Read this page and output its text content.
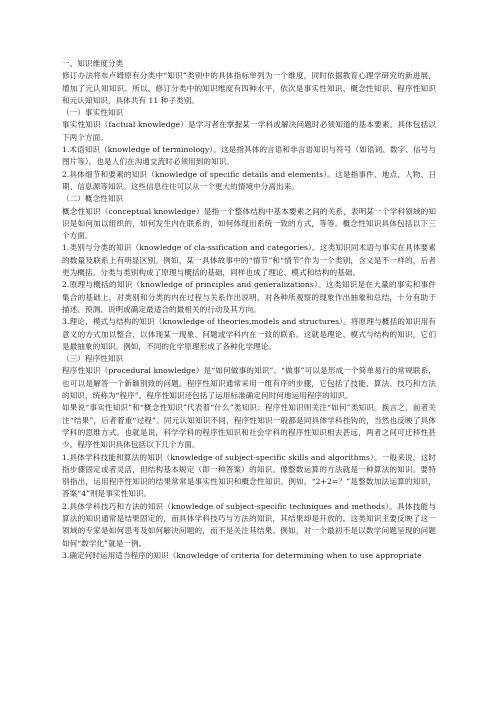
一、知识维度分类

修订办法将布卢姆原有分类中“知识”类别中的具体指标单列为一个维度，同时依据教育心理学研究的新进展，增加了元认知知识。所以，修订分类中的知识维度有四种水平，依次是事实性知识、概念性知识、程序性知识和元认知知识，具体共有 11 种子类别。

（一）事实性知识

事实性知识（factual knowledge）是学习者在掌握某一学科或解决问题时必须知道的基本要素。具体包括以下两个方面。

1.术语知识（knowledge of terminology）。这是指具体的言语和非言语知识与符号（如语词、数字、信号与图片等），也是人们在沟通交流时必须用到的知识。

2.具体细节和要素的知识（knowledge of specific details and elements）。这是指事件、地点、人物、日期、信息源等知识。这些信息往往可以从一个更大的情境中分离出来。

（二）概念性知识

概念性知识（conceptual knowledge）是指一个整体结构中基本要素之间的关系，表明某一个学科领域的知识是如何加以组织的，如何发生内在联系的，如何体现出系统一致的方式，等等。概念性知识具体包括以下三个方面。

1.类别与分类的知识（knowledge of cla-ssification and categories）。这类知识同术语与事实在具体要素的数量及联系上有明显区别。例如，某一具体故事中的“情节”和“情节”作为一个类别，含义是不一样的，后者更为概括。分类与类别构成了原理与概括的基础，同样也成了理论、模式和结构的基础。

2.原理与概括的知识（knowledge of principles and generalizations）。这类知识是在大量的事实和事件集合的基础上，对类别和分类的内在过程与关系作出说明，对各种所观察的现象作出抽象和总结，十分有助于描述、预测、说明或确定最适合的最相关的行动及其方向。

3.理论、模式与结构的知识（knowledge of theories,models and structures）。将原理与概括的知识用有意义的方式加以整合，以体现某一现象、问题或学科内在一致的联系。这就是理论、模式与结构的知识，它们是最抽象的知识。例如，不同的化学原理形成了各种化学理论。

（三）程序性知识

程序性知识（procedural knowledge）是“如何做事的知识”。“做事”可以是形成一个简单易行的常规联系，也可以是解答一个新颖别致的问题。程序性知识通常采用一组有序的步骤，它包括了技能、算法、技巧和方法的知识，统称为“程序”。程序性知识还包括了运用标准确定何时何地运用程序的知识。

如果说“事实性知识”和“概念性知识”代表着“什么”类知识；程序性知识则关注“如何”类知识。换言之，前者关注“结果”，后者着重“过程”。同元认知知识不同，程序性知识一般都是同具体学科挂钩的，当然也反映了具体学科的思维方式。也就是说，科学学科的程序性知识和社会学科的程序性知识相去甚远，两者之间可迁移性甚少。程序性知识具体包括以下几个方面。

1.具体学科技能和算法的知识（knowledge of subject-specific skills and algorithms）。一般来说，这时指步骤固定或者灵活，但结构基本规定（即一种答案）的知识。像整数运算的方法就是一种算法的知识。要特别指出，运用程序性知识的结果常常是事实性知识和概念性知识。例如，“2+2=？”是整数加法运算的知识，答案“4”则是事实性知识。

2.具体学科技巧和方法的知识（knowledge of subject-specific techniques and methods）。具体技能与算法的知识通常是结果固定的，而具体学科技巧与方法的知识，其结果却是开放的。这类知识主要反映了这一领域的专家是如何思考及如何解决问题的，而不是关注其结果。例如，对一个最初不是以数学问题呈现的问题如何“数学化”就是一例。

3.确定何时运用适当程序的知识（knowledge of criteria for determining when to use appropriate
